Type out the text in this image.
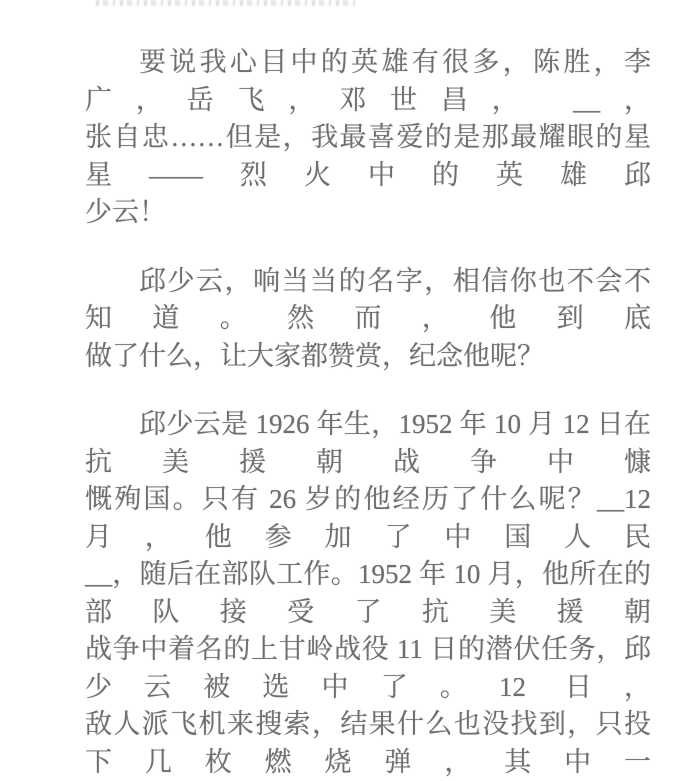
要说我心目中的英雄有很多，陈胜，李广，岳飞，邓世昌， __，
张自忠……但是，我最喜爱的是那最耀眼的星星——烈火中的英雄邱
少云！
邱少云，响当当的名字，相信你也不会不知道。然而，他到底
做了什么，让大家都赞赏，纪念他呢？
邱少云是 1926 年生，1952 年 10 月 12 日在抗美援朝战争中慷
慨殉国。只有 26 岁的他经历了什么呢？__12 月，他参加了中国人民
__，随后在部队工作。1952 年 10 月，他所在的部队接受了抗美援朝
战争中着名的上甘岭战役 11 日的潜伏任务，邱少云被选中了。12 日，
敌人派飞机来搜索，结果什么也没找到，只投下几枚燃烧弹，其中一
